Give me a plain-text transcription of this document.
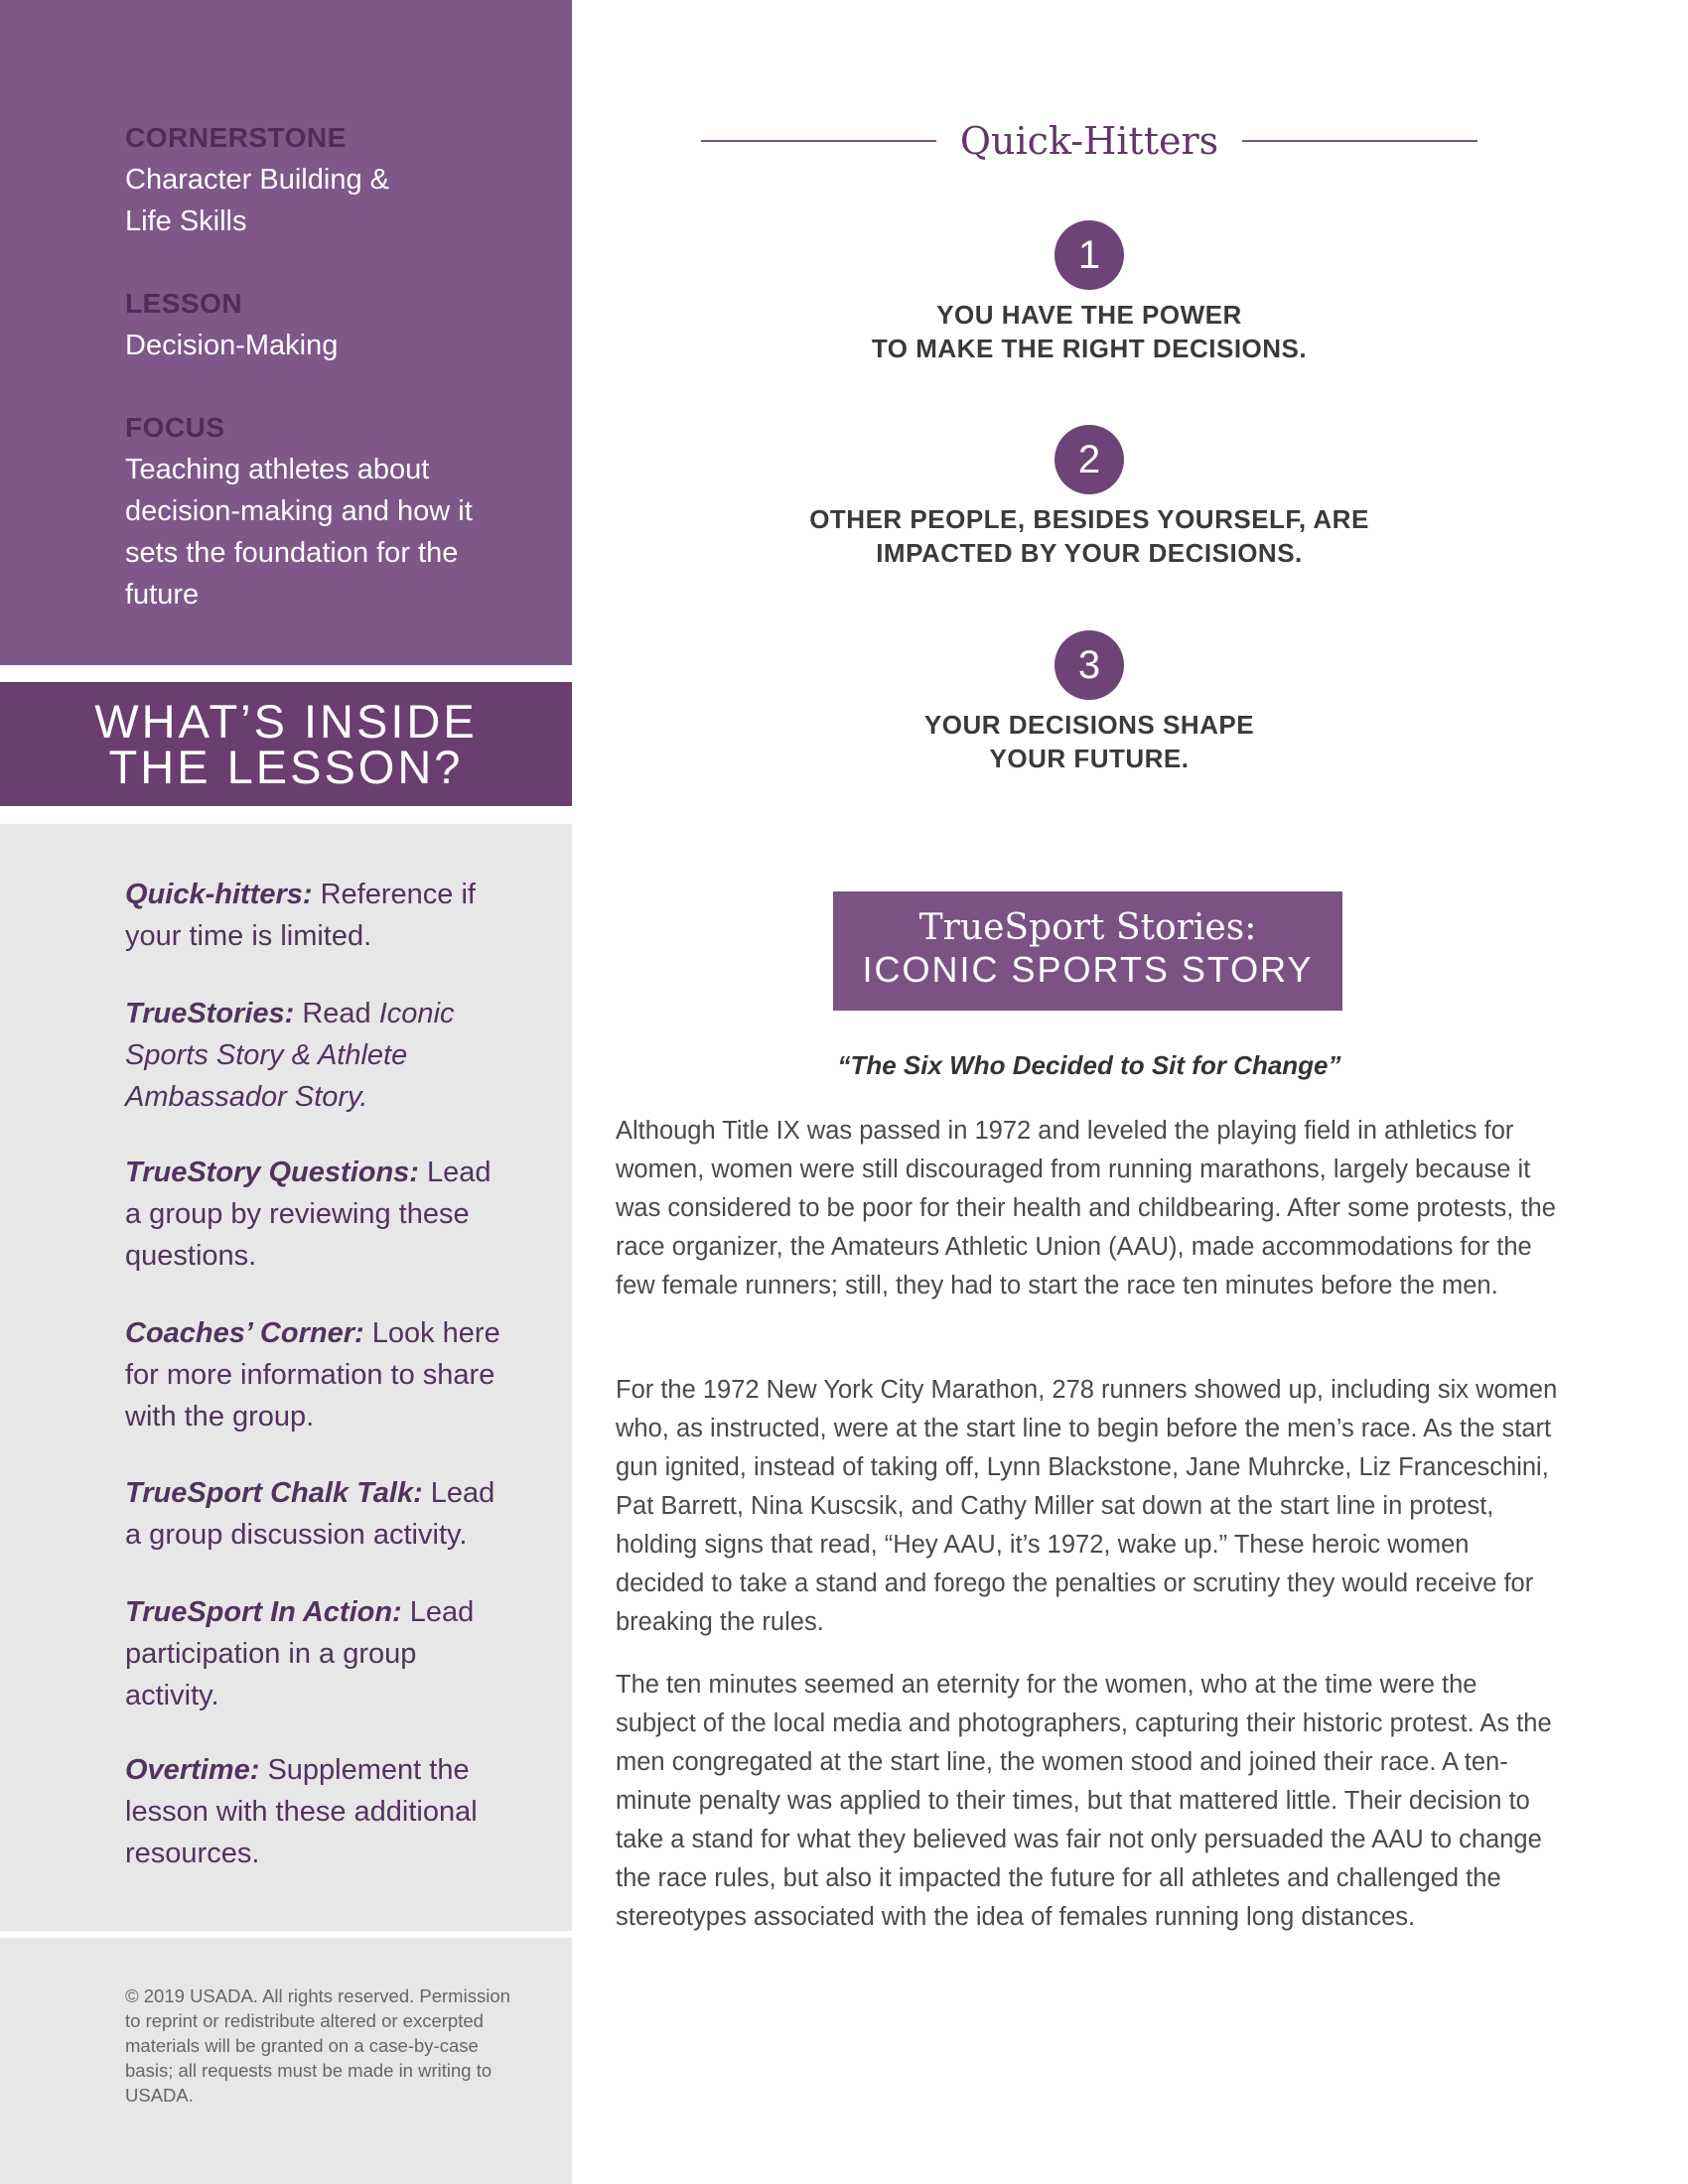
CORNERSTONE
Character Building & Life Skills
LESSON
Decision-Making
FOCUS
Teaching athletes about decision-making and how it sets the foundation for the future
WHAT’S INSIDE
THE LESSON?
Quick-hitters: Reference if your time is limited.
TrueStories: Read Iconic Sports Story & Athlete Ambassador Story.
TrueStory Questions: Lead a group by reviewing these questions.
Coaches’ Corner: Look here for more information to share with the group.
TrueSport Chalk Talk: Lead a group discussion activity.
TrueSport In Action: Lead participation in a group activity.
Overtime: Supplement the lesson with these additional resources.
© 2019 USADA. All rights reserved. Permission to reprint or redistribute altered or excerpted materials will be granted on a case-by-case basis; all requests must be made in writing to USADA.
Quick-Hitters
1
YOU HAVE THE POWER
TO MAKE THE RIGHT DECISIONS.
2
OTHER PEOPLE, BESIDES YOURSELF, ARE
IMPACTED BY YOUR DECISIONS.
3
YOUR DECISIONS SHAPE
YOUR FUTURE.
TrueSport Stories:
ICONIC SPORTS STORY
“The Six Who Decided to Sit for Change”

Although Title IX was passed in 1972 and leveled the playing field in athletics for women, women were still discouraged from running marathons, largely because it was considered to be poor for their health and childbearing. After some protests, the race organizer, the Amateurs Athletic Union (AAU), made accommodations for the few female runners; still, they had to start the race ten minutes before the men.

For the 1972 New York City Marathon, 278 runners showed up, including six women who, as instructed, were at the start line to begin before the men’s race. As the start gun ignited, instead of taking off, Lynn Blackstone, Jane Muhrcke, Liz Franceschini, Pat Barrett, Nina Kuscsik, and Cathy Miller sat down at the start line in protest, holding signs that read, “Hey AAU, it’s 1972, wake up.” These heroic women decided to take a stand and forego the penalties or scrutiny they would receive for breaking the rules.

The ten minutes seemed an eternity for the women, who at the time were the subject of the local media and photographers, capturing their historic protest. As the men congregated at the start line, the women stood and joined their race. A ten-minute penalty was applied to their times, but that mattered little. Their decision to take a stand for what they believed was fair not only persuaded the AAU to change the race rules, but also it impacted the future for all athletes and challenged the stereotypes associated with the idea of females running long distances.
